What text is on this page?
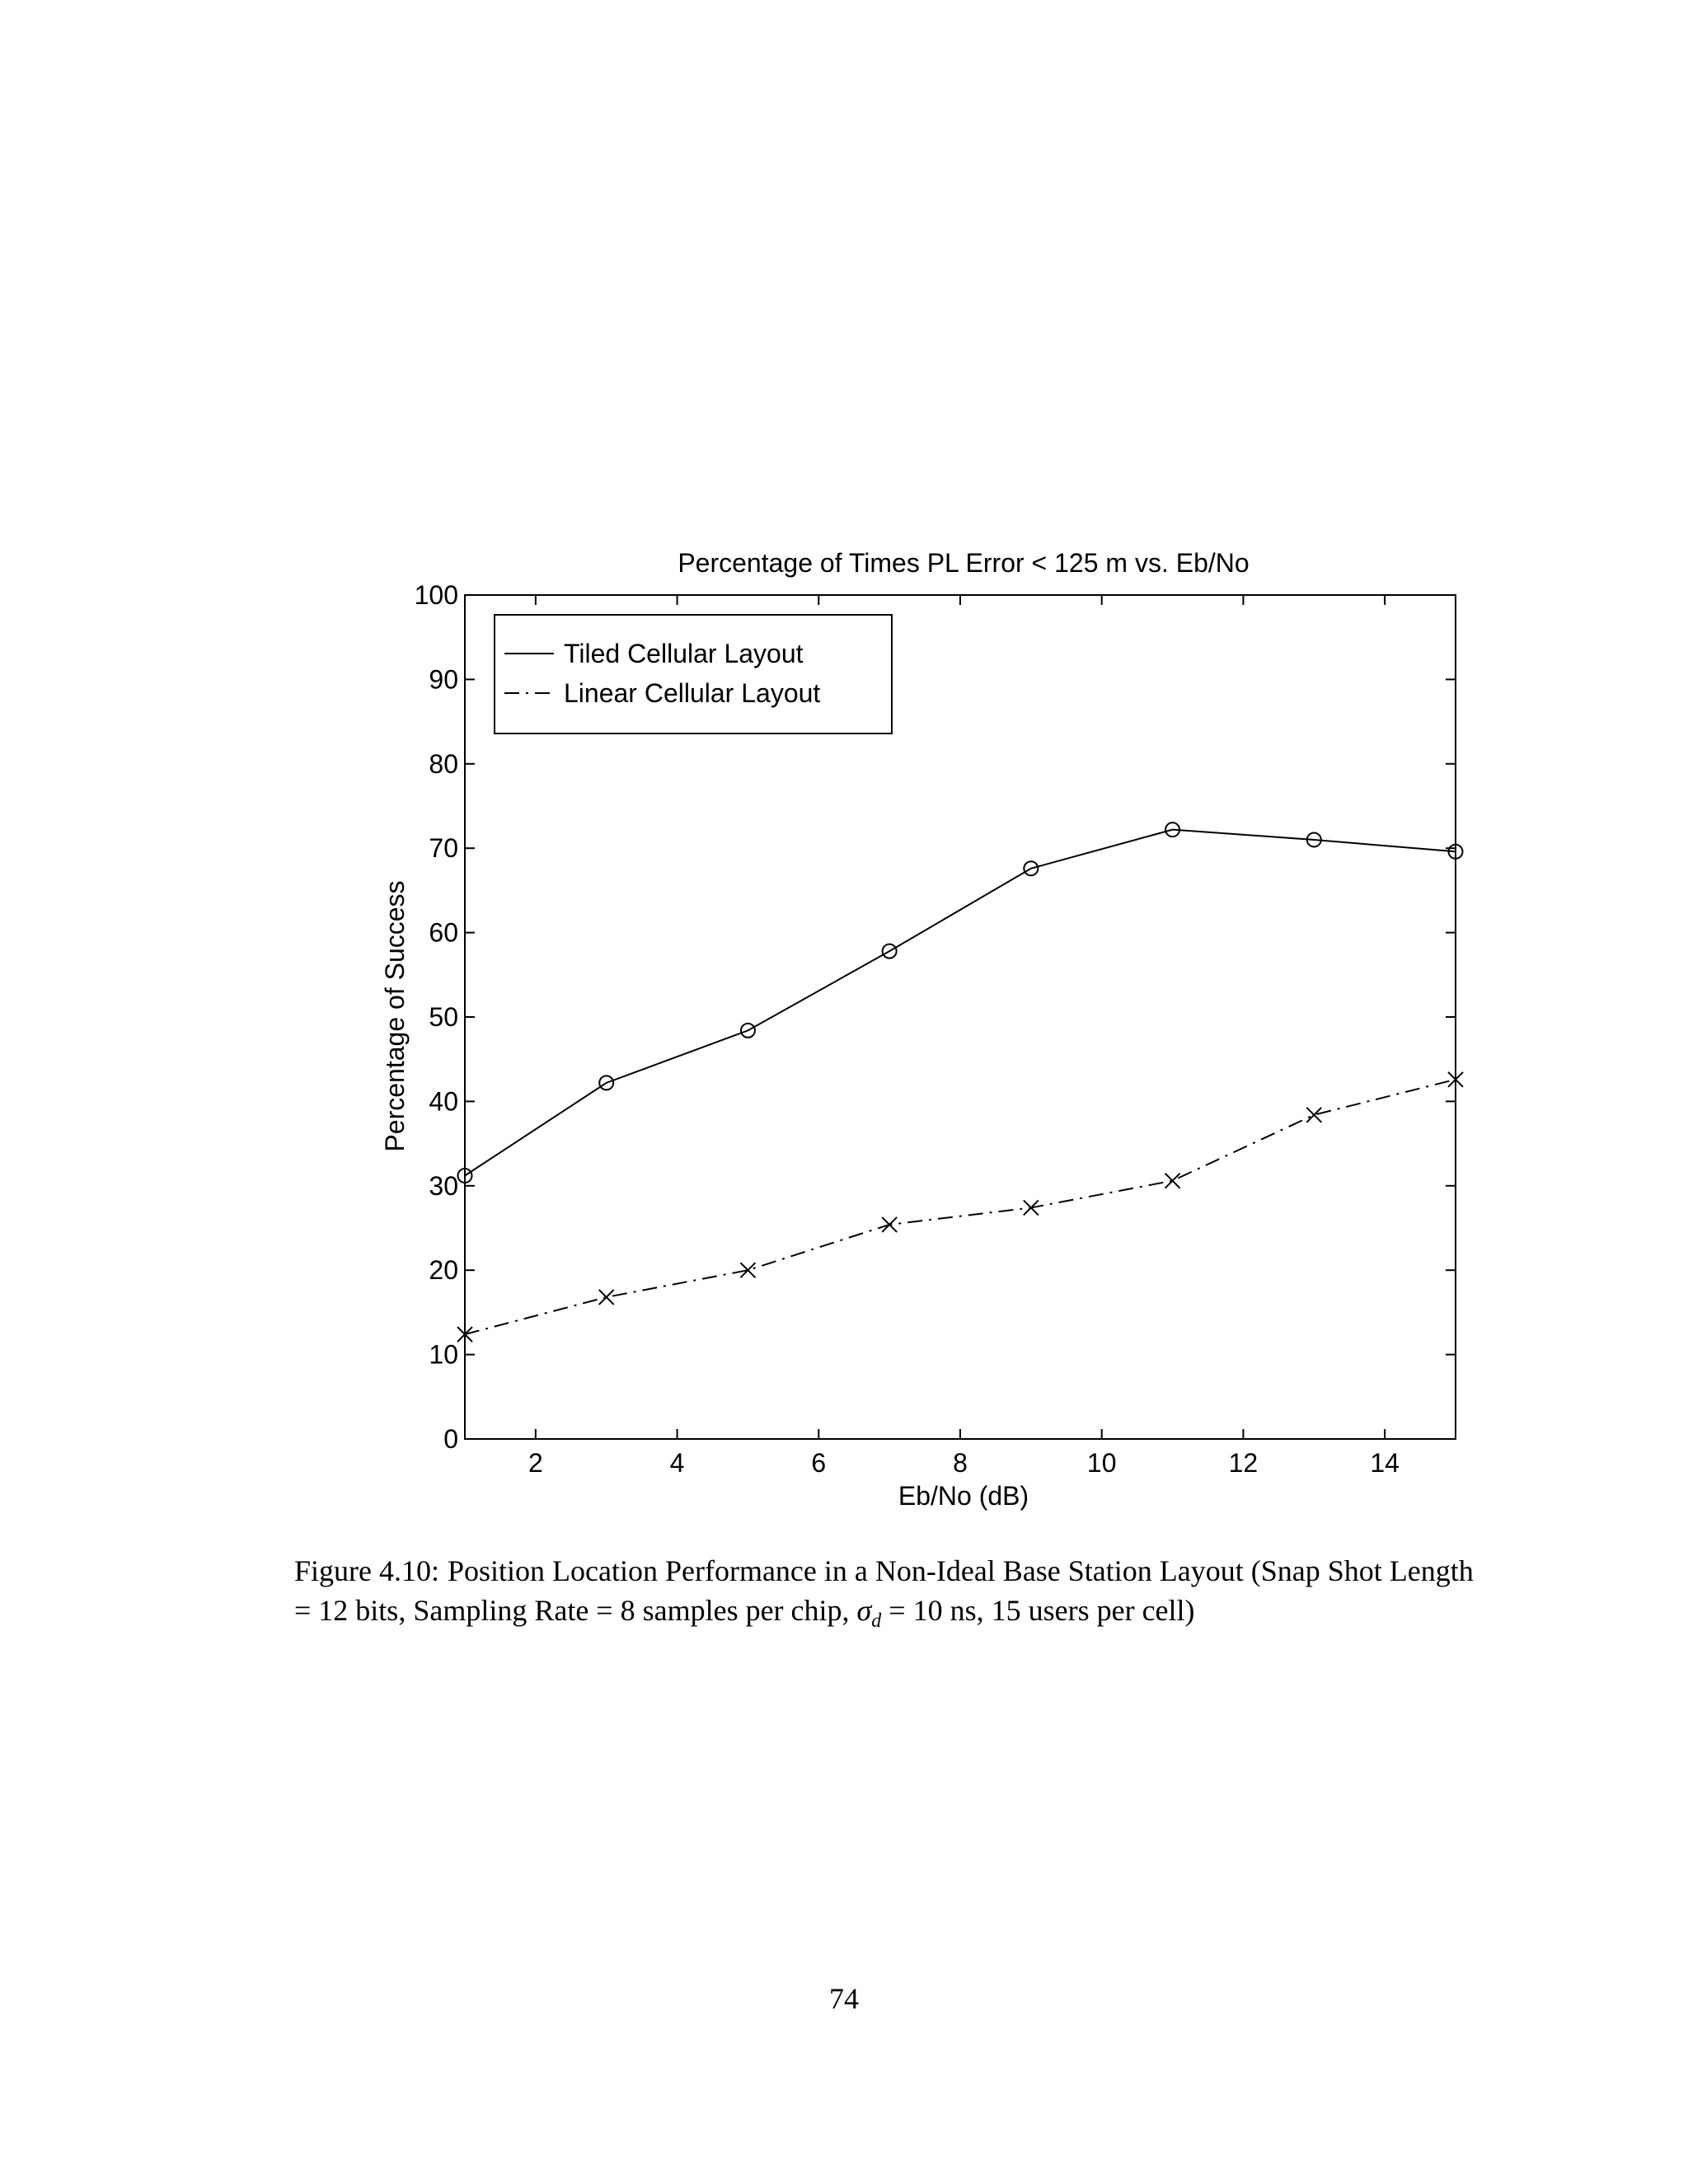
Percentage of Times PL Error < 125 m vs. Eb/No
Eb/No (dB)
Percentage of Success
2	4	6	8	10	12	14
0
10
20
30
40
50
60
70
80
90
100
Tiled Cellular Layout
Linear Cellular Layout
Figure 4.10: Position Location Performance in a Non-Ideal Base Station Layout (Snap Shot Length = 12 bits, Sampling Rate = 8 samples per chip, $\sigma_d = 10$ ns, 15 users per cell)
74
